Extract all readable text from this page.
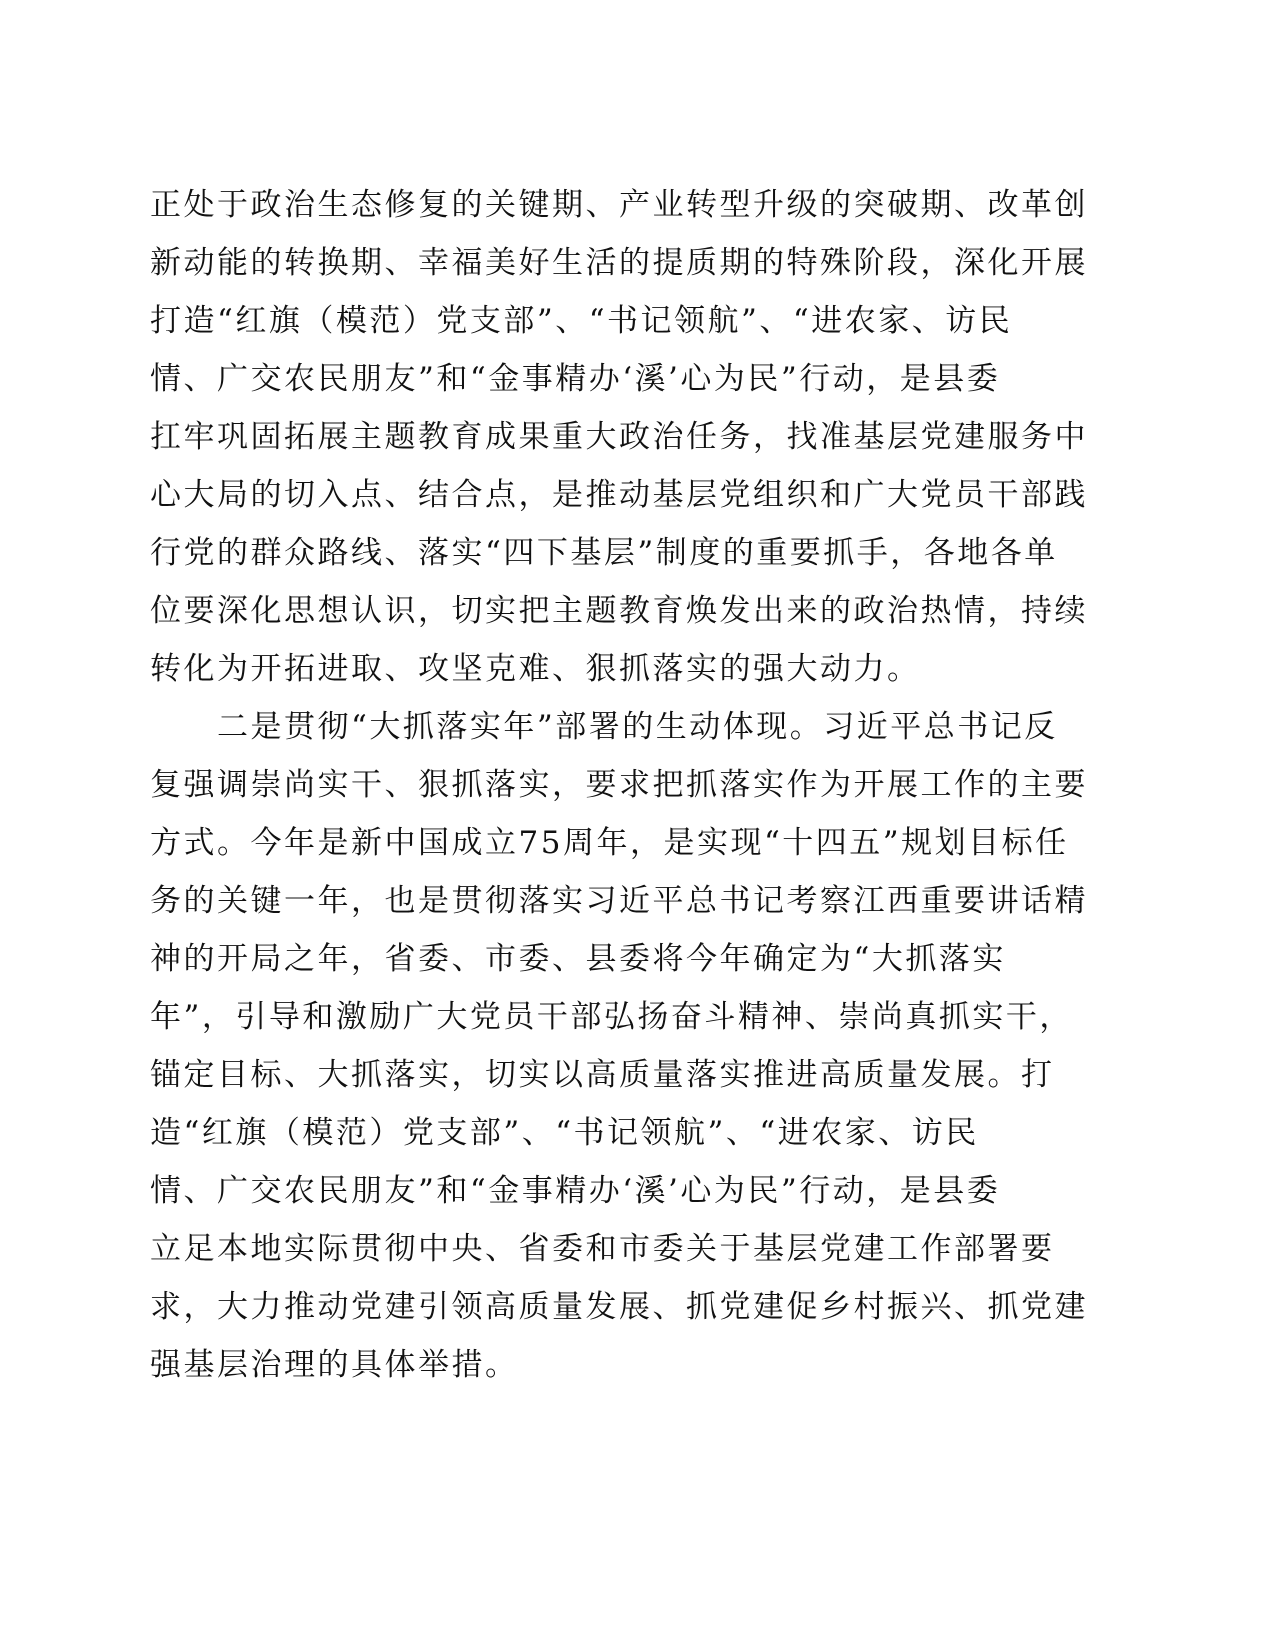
正处于政治生态修复的关键期、产业转型升级的突破期、改革创
新动能的转换期、幸福美好生活的提质期的特殊阶段，深化开展
打造“红旗（模范）党支部”、“书记领航”、“进农家、访民
情、广交农民朋友”和“金事精办‘溪’心为民”行动，是县委
扛牢巩固拓展主题教育成果重大政治任务，找准基层党建服务中
心大局的切入点、结合点，是推动基层党组织和广大党员干部践
行党的群众路线、落实“四下基层”制度的重要抓手，各地各单
位要深化思想认识，切实把主题教育焕发出来的政治热情，持续
转化为开拓进取、攻坚克难、狠抓落实的强大动力。
　　二是贯彻“大抓落实年”部署的生动体现。习近平总书记反
复强调崇尚实干、狠抓落实，要求把抓落实作为开展工作的主要
方式。今年是新中国成立75周年，是实现“十四五”规划目标任
务的关键一年，也是贯彻落实习近平总书记考察江西重要讲话精
神的开局之年，省委、市委、县委将今年确定为“大抓落实
年”，引导和激励广大党员干部弘扬奋斗精神、崇尚真抓实干，
锚定目标、大抓落实，切实以高质量落实推进高质量发展。打
造“红旗（模范）党支部”、“书记领航”、“进农家、访民
情、广交农民朋友”和“金事精办‘溪’心为民”行动，是县委
立足本地实际贯彻中央、省委和市委关于基层党建工作部署要
求，大力推动党建引领高质量发展、抓党建促乡村振兴、抓党建
强基层治理的具体举措。
